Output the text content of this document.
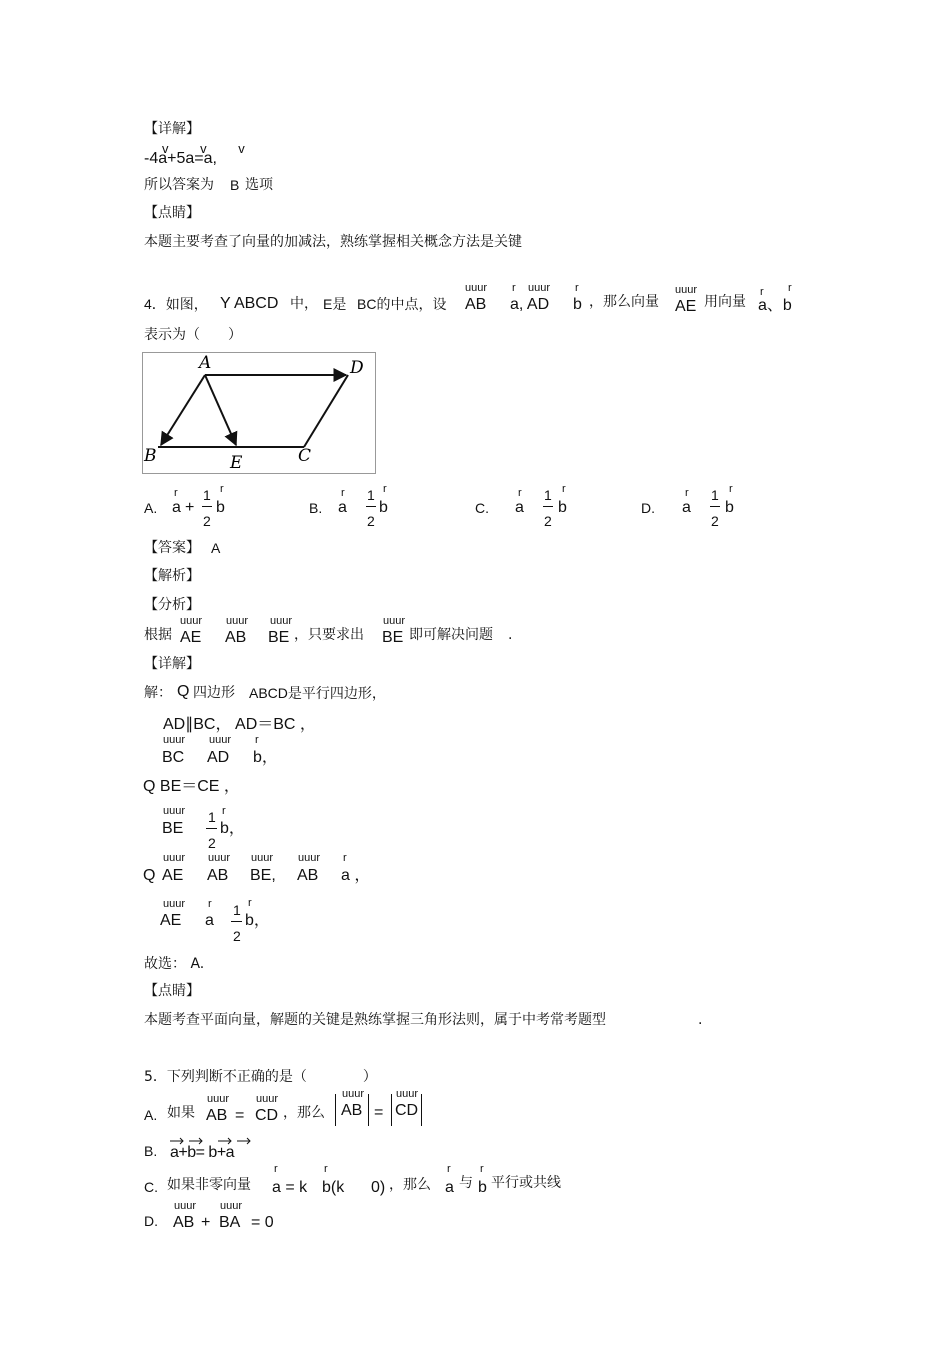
【详解】
v v v
-4a+5a=a,
所以答案为 B 选项
【点睛】
本题主要考查了向量的加减法，熟练掌握相关概念方法是关键
4．如图， Y ABCD 中， E是 BC的中点，设
uuur
AB
r uuur
a, AD
r
b ，那么向量
uuur
AE 用向量
r r
a、b
表示为（　　）
A	D
B	E	C
A.
r
a +
1
2
r
b	B.
r
a
1
2
r
b	C.
r
a
1
2
r
b	D.
r
a
1
2
r
b
【答案】 A
【解析】
【分析】
根据
uuur
AE
uuur
AB
uuur
BE ，只要求出
uuur
BE 即可解决问题 .
【详解】
解： Q 四边形 ABCD是平行四边形，
AD∥BC， AD＝BC ，
uuur
BC
uuur
AD
r
b，
Q BE＝CE ，
uuur
BE
1
2
r
b，
Q
uuur
AE
uuur
AB
uuur
BE,
uuur
AB
r
a ，
uuur
AE
r
a
1
2
r
b，
故选： A.
【点睛】
本题考查平面向量，解题的关键是熟练掌握三角形法则，属于中考常考题型	.
5．下列判断不正确的是（　　　　）
A. 如果
uuur
AB =
uuur
CD ，那么
uuur
AB =
uuur
CD
B. a+b= b+a
C. 如果非零向量
r
a = k
r
b(k 0) ，那么
r
a 与
r
b 平行或共线
D.
uuur
AB +
uuur
BA = 0
